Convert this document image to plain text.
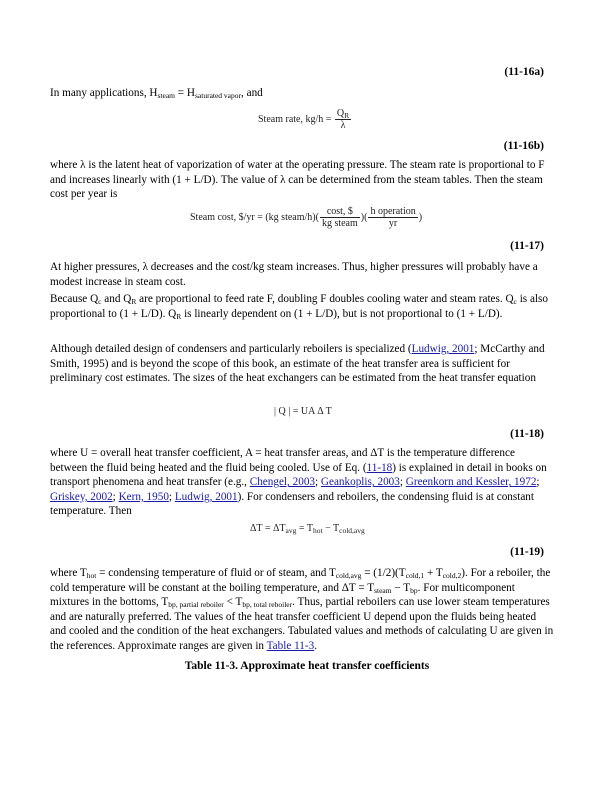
(11-16a)

In many applications, $H_{steam} = H_{saturated vapor}$, and

Steam rate, $kg/h = \frac{Q_R}{\lambda}$
(11-16b)

where λ is the latent heat of vaporization of water at the operating pressure. The steam rate is proportional to F and increases linearly with (1 + L/D). The value of λ can be determined from the steam tables. Then the steam cost per year is

Steam cost, $/yr = (kg steam/h)( $\frac{\cos t, \$}{\text{kg steam}}$ )( $\frac{\text{h operation}}{yr}$ )
(11-17)

At higher pressures, λ decreases and the cost/kg steam increases. Thus, higher pressures will probably have a modest increase in steam cost.

Because $Q_c$ and $Q_R$ are proportional to feed rate F, doubling F doubles cooling water and steam rates. $Q_c$ is also proportional to (1 + L/D). $Q_R$ is linearly dependent on (1 + L/D), but is not proportional to (1 + L/D).

Although detailed design of condensers and particularly reboilers is specialized (Ludwig, 2001; McCarthy and Smith, 1995) and is beyond the scope of this book, an estimate of the heat transfer area is sufficient for preliminary cost estimates. The sizes of the heat exchangers can be estimated from the heat transfer equation

| Q | = UA Δ T
(11-18)

where U = overall heat transfer coefficient, A = heat transfer areas, and ΔT is the temperature difference between the fluid being heated and the fluid being cooled. Use of Eq. (11-18) is explained in detail in books on transport phenomena and heat transfer (e.g., Chengel, 2003; Geankoplis, 2003; Greenkorn and Kessler, 1972; Griskey, 2002; Kern, 1950; Ludwig, 2001). For condensers and reboilers, the condensing fluid is at constant temperature. Then

$\Delta T = \Delta T_{avg} = T_{hot} - T_{cold,avg}$
(11-19)

where $T_{hot}$ = condensing temperature of fluid or of steam, and $T_{cold,avg} = (1/2)(T_{cold,1} + T_{cold,2})$. For a reboiler, the cold temperature will be constant at the boiling temperature, and $\Delta T = T_{steam} - T_{bp}$. For multicomponent mixtures in the bottoms, $T_{bp, partial reboiler} < T_{bp, total reboiler}$. Thus, partial reboilers can use lower steam temperatures and are naturally preferred. The values of the heat transfer coefficient U depend upon the fluids being heated and cooled and the condition of the heat exchangers. Tabulated values and methods of calculating U are given in the references. Approximate ranges are given in Table 11-3.

Table 11-3. Approximate heat transfer coefficients
